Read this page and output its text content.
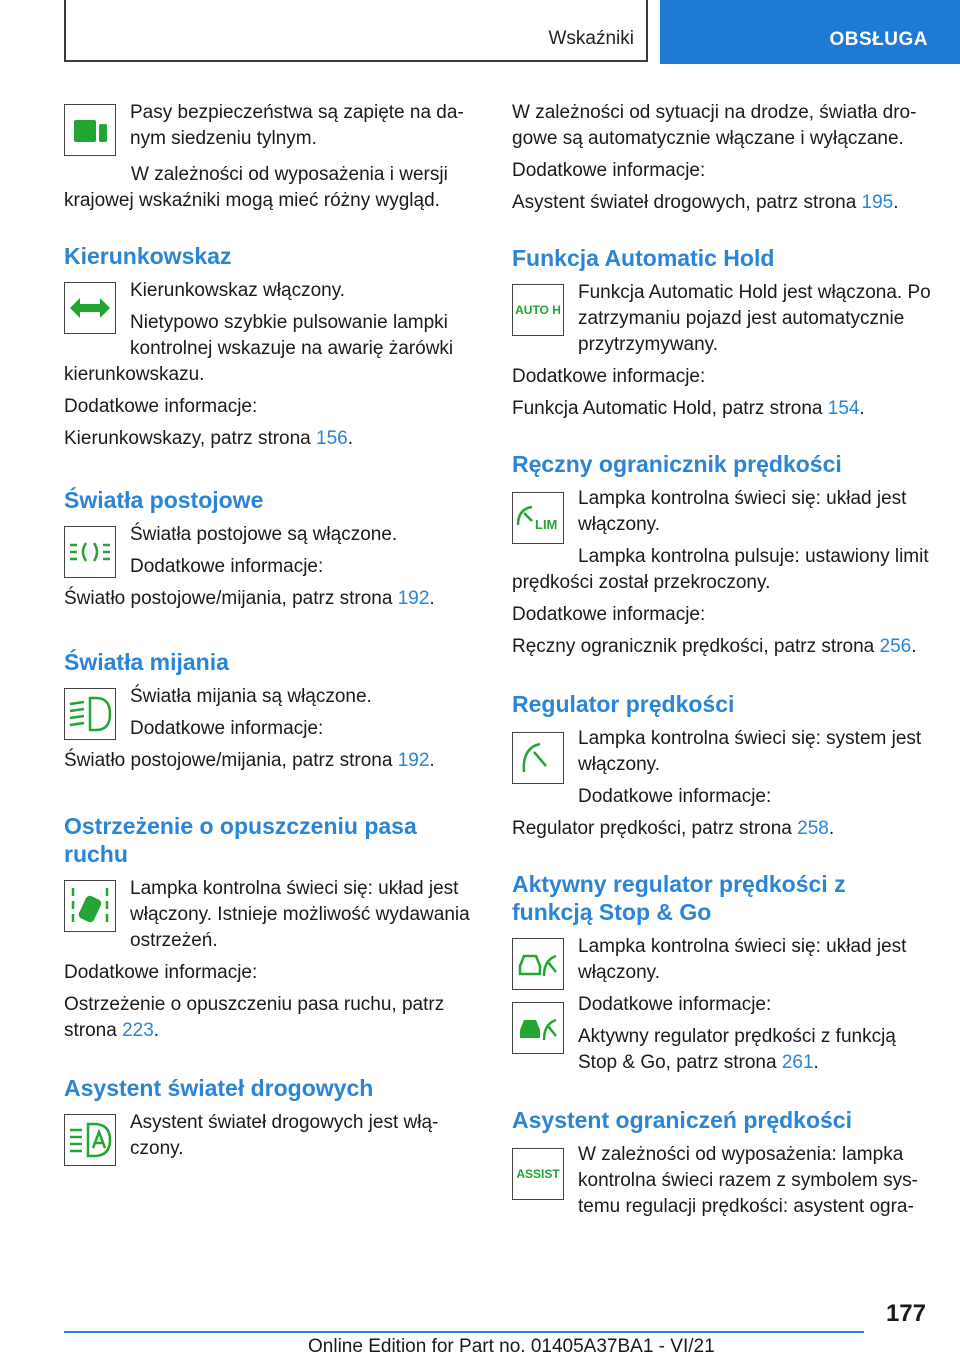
Wskaźniki	OBSŁUGA

Pasy bezpieczeństwa są zapięte na danym siedzeniu tylnym.

W zależności od wyposażenia i wersji krajowej wskaźniki mogą mieć różny wygląd.

Kierunkowskaz

Kierunkowskaz włączony.

Nietypowo szybkie pulsowanie lampki kontrolnej wskazuje na awarię żarówki kierunkowskazu.

Dodatkowe informacje:

Kierunkowskazy, patrz strona 156.

Światła postojowe

Światła postojowe są włączone.

Dodatkowe informacje:

Światło postojowe/mijania, patrz strona 192.

Światła mijania

Światła mijania są włączone.

Dodatkowe informacje:

Światło postojowe/mijania, patrz strona 192.

Ostrzeżenie o opuszczeniu pasa ruchu

Lampka kontrolna świeci się: układ jest włączony. Istnieje możliwość wydawania ostrzeżeń.

Dodatkowe informacje:

Ostrzeżenie o opuszczeniu pasa ruchu, patrz strona 223.

Asystent świateł drogowych

Asystent świateł drogowych jest włączony.

W zależności od sytuacji na drodze, światła drogowe są automatycznie włączane i wyłączane.

Dodatkowe informacje:

Asystent świateł drogowych, patrz strona 195.

Funkcja Automatic Hold
AUTO H

Funkcja Automatic Hold jest włączona. Po zatrzymaniu pojazd jest automatycznie przytrzymywany.

Dodatkowe informacje:

Funkcja Automatic Hold, patrz strona 154.

Ręczny ogranicznik prędkości
LIM

Lampka kontrolna świeci się: układ jest włączony.

Lampka kontrolna pulsuje: ustawiony limit prędkości został przekroczony.

Dodatkowe informacje:

Ręczny ogranicznik prędkości, patrz strona 256.

Regulator prędkości

Lampka kontrolna świeci się: system jest włączony.

Dodatkowe informacje:

Regulator prędkości, patrz strona 258.

Aktywny regulator prędkości z funkcją Stop & Go

Lampka kontrolna świeci się: układ jest włączony.

Dodatkowe informacje:

Aktywny regulator prędkości z funkcją Stop & Go, patrz strona 261.

Asystent ograniczeń prędkości
ASSIST

W zależności od wyposażenia: lampka kontrolna świeci razem z symbolem systemu regulacji prędkości: asystent ogra-

177
Online Edition for Part no. 01405A37BA1 - VI/21
